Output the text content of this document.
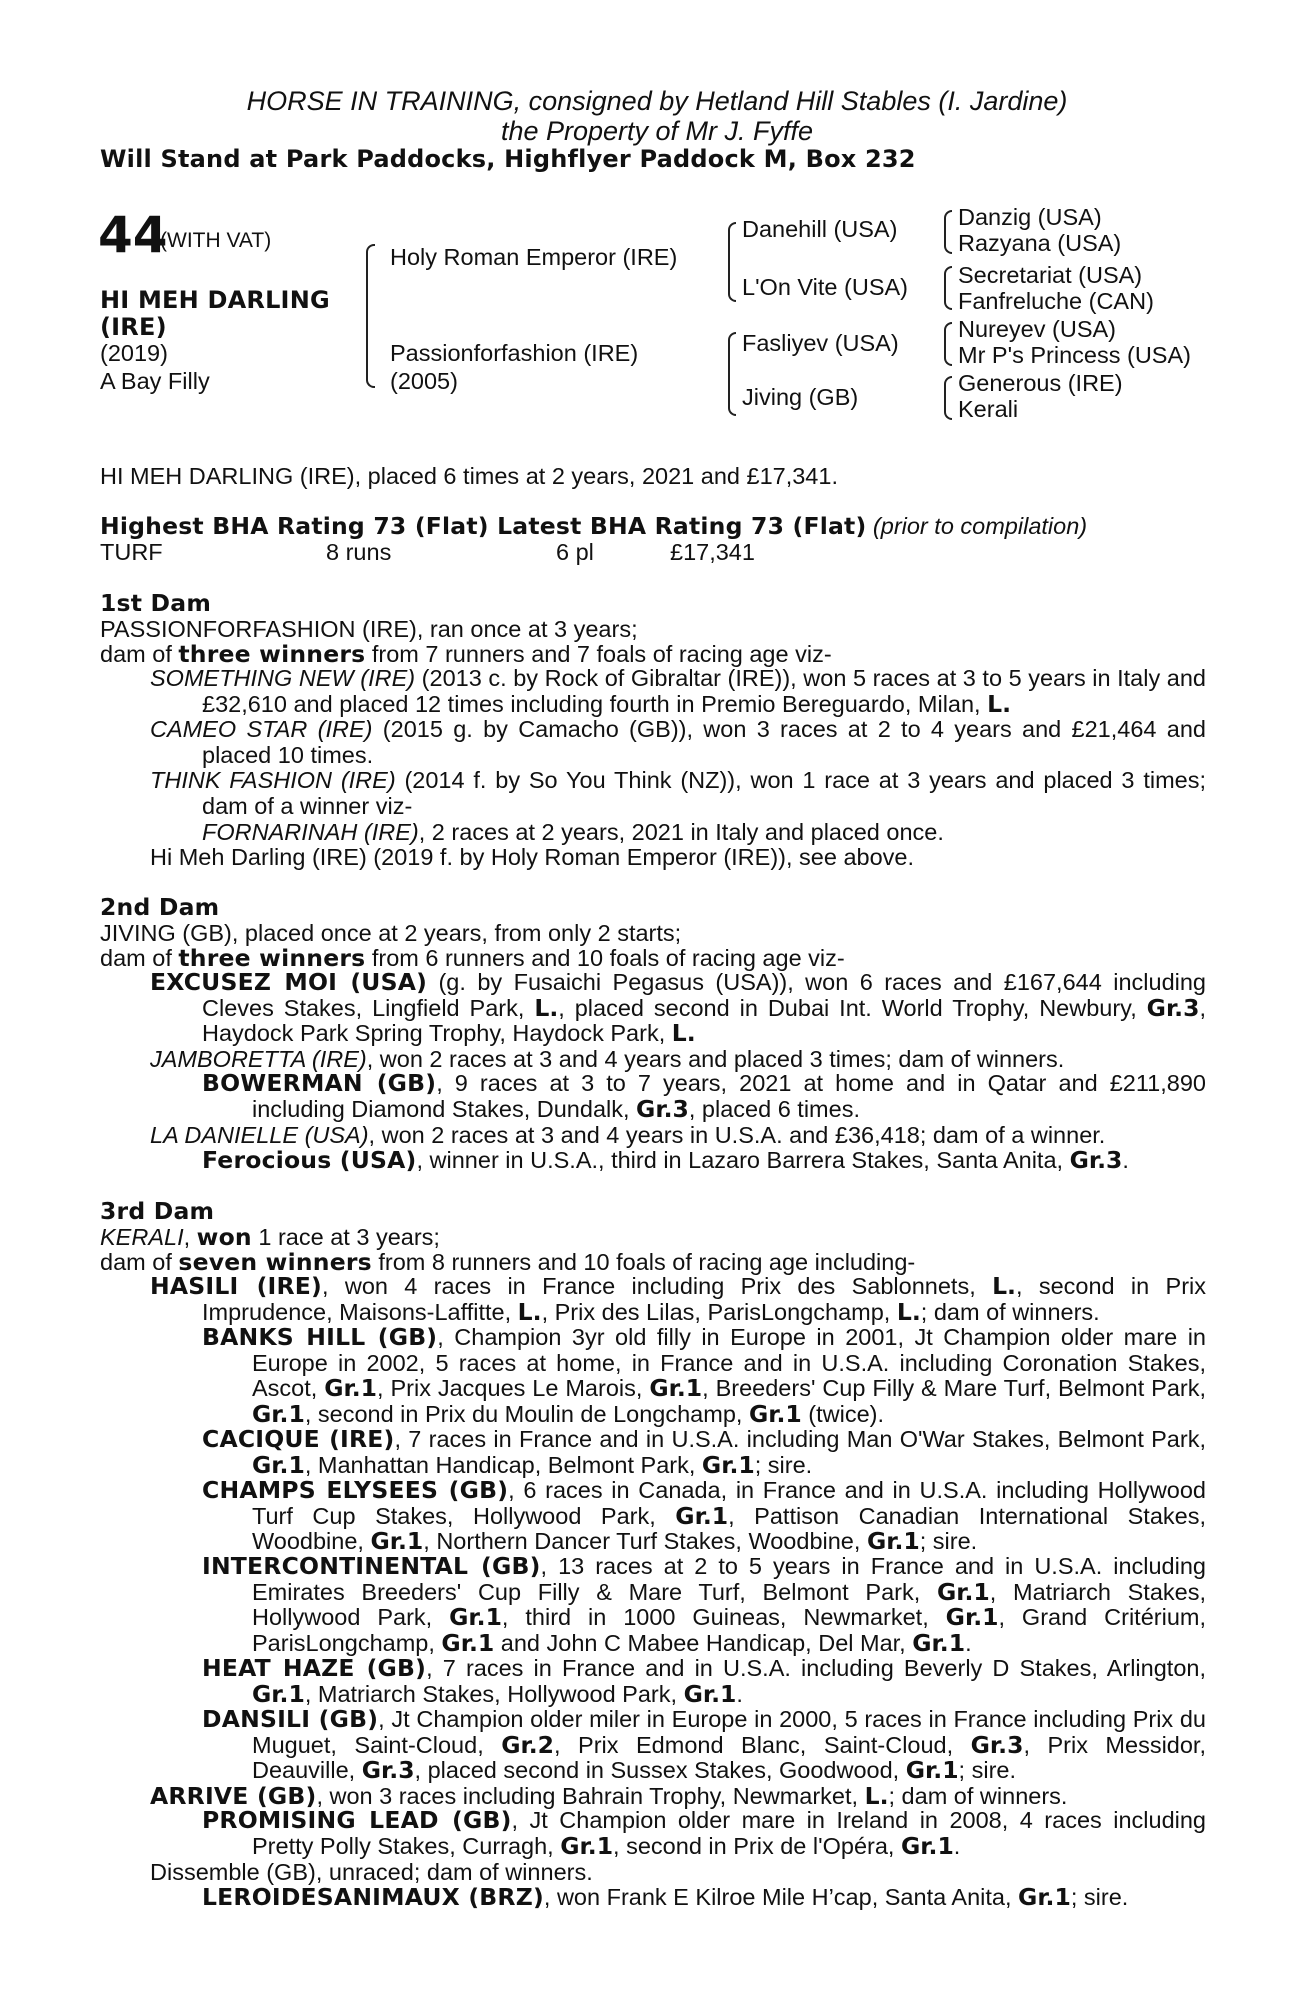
HORSE IN TRAINING, consigned by Hetland Hill Stables (I. Jardine)
the Property of Mr J. Fyffe
Will Stand at Park Paddocks, Highflyer Paddock M, Box 232
44
(WITH VAT)
HI MEH DARLING
(IRE)
(2019)
A Bay Filly
Holy Roman Emperor (IRE)
Passionforfashion (IRE)
(2005)
Danehill (USA)
L'On Vite (USA)
Fasliyev (USA)
Jiving (GB)
Danzig (USA)
Razyana (USA)
Secretariat (USA)
Fanfreluche (CAN)
Nureyev (USA)
Mr P's Princess (USA)
Generous (IRE)
Kerali
HI MEH DARLING (IRE), placed 6 times at 2 years, 2021 and £17,341.
Highest BHA Rating 73 (Flat) Latest BHA Rating 73 (Flat) (prior to compilation)
TURF	8 runs	6 pl	£17,341
1st Dam
PASSIONFORFASHION (IRE), ran once at 3 years;
dam of three winners from 7 runners and 7 foals of racing age viz-
SOMETHING NEW (IRE) (2013 c. by Rock of Gibraltar (IRE)), won 5 races at 3 to 5 years in Italy and £32,610 and placed 12 times including fourth in Premio Bereguardo, Milan, L.
CAMEO STAR (IRE) (2015 g. by Camacho (GB)), won 3 races at 2 to 4 years and £21,464 and placed 10 times.
THINK FASHION (IRE) (2014 f. by So You Think (NZ)), won 1 race at 3 years and placed 3 times; dam of a winner viz-
FORNARINAH (IRE), 2 races at 2 years, 2021 in Italy and placed once.
Hi Meh Darling (IRE) (2019 f. by Holy Roman Emperor (IRE)), see above.
2nd Dam
JIVING (GB), placed once at 2 years, from only 2 starts;
dam of three winners from 6 runners and 10 foals of racing age viz-
EXCUSEZ MOI (USA) (g. by Fusaichi Pegasus (USA)), won 6 races and £167,644 including Cleves Stakes, Lingfield Park, L., placed second in Dubai Int. World Trophy, Newbury, Gr.3, Haydock Park Spring Trophy, Haydock Park, L.
JAMBORETTA (IRE), won 2 races at 3 and 4 years and placed 3 times; dam of winners.
BOWERMAN (GB), 9 races at 3 to 7 years, 2021 at home and in Qatar and £211,890 including Diamond Stakes, Dundalk, Gr.3, placed 6 times.
LA DANIELLE (USA), won 2 races at 3 and 4 years in U.S.A. and £36,418; dam of a winner.
Ferocious (USA), winner in U.S.A., third in Lazaro Barrera Stakes, Santa Anita, Gr.3.
3rd Dam
KERALI, won 1 race at 3 years;
dam of seven winners from 8 runners and 10 foals of racing age including-
HASILI (IRE), won 4 races in France including Prix des Sablonnets, L., second in Prix Imprudence, Maisons-Laffitte, L., Prix des Lilas, ParisLongchamp, L.; dam of winners.
BANKS HILL (GB), Champion 3yr old filly in Europe in 2001, Jt Champion older mare in Europe in 2002, 5 races at home, in France and in U.S.A. including Coronation Stakes, Ascot, Gr.1, Prix Jacques Le Marois, Gr.1, Breeders' Cup Filly & Mare Turf, Belmont Park, Gr.1, second in Prix du Moulin de Longchamp, Gr.1 (twice).
CACIQUE (IRE), 7 races in France and in U.S.A. including Man O'War Stakes, Belmont Park, Gr.1, Manhattan Handicap, Belmont Park, Gr.1; sire.
CHAMPS ELYSEES (GB), 6 races in Canada, in France and in U.S.A. including Hollywood Turf Cup Stakes, Hollywood Park, Gr.1, Pattison Canadian International Stakes, Woodbine, Gr.1, Northern Dancer Turf Stakes, Woodbine, Gr.1; sire.
INTERCONTINENTAL (GB), 13 races at 2 to 5 years in France and in U.S.A. including Emirates Breeders' Cup Filly & Mare Turf, Belmont Park, Gr.1, Matriarch Stakes, Hollywood Park, Gr.1, third in 1000 Guineas, Newmarket, Gr.1, Grand Critérium, ParisLongchamp, Gr.1 and John C Mabee Handicap, Del Mar, Gr.1.
HEAT HAZE (GB), 7 races in France and in U.S.A. including Beverly D Stakes, Arlington, Gr.1, Matriarch Stakes, Hollywood Park, Gr.1.
DANSILI (GB), Jt Champion older miler in Europe in 2000, 5 races in France including Prix du Muguet, Saint-Cloud, Gr.2, Prix Edmond Blanc, Saint-Cloud, Gr.3, Prix Messidor, Deauville, Gr.3, placed second in Sussex Stakes, Goodwood, Gr.1; sire.
ARRIVE (GB), won 3 races including Bahrain Trophy, Newmarket, L.; dam of winners.
PROMISING LEAD (GB), Jt Champion older mare in Ireland in 2008, 4 races including Pretty Polly Stakes, Curragh, Gr.1, second in Prix de l'Opéra, Gr.1.
Dissemble (GB), unraced; dam of winners.
LEROIDESANIMAUX (BRZ), won Frank E Kilroe Mile H’cap, Santa Anita, Gr.1; sire.
